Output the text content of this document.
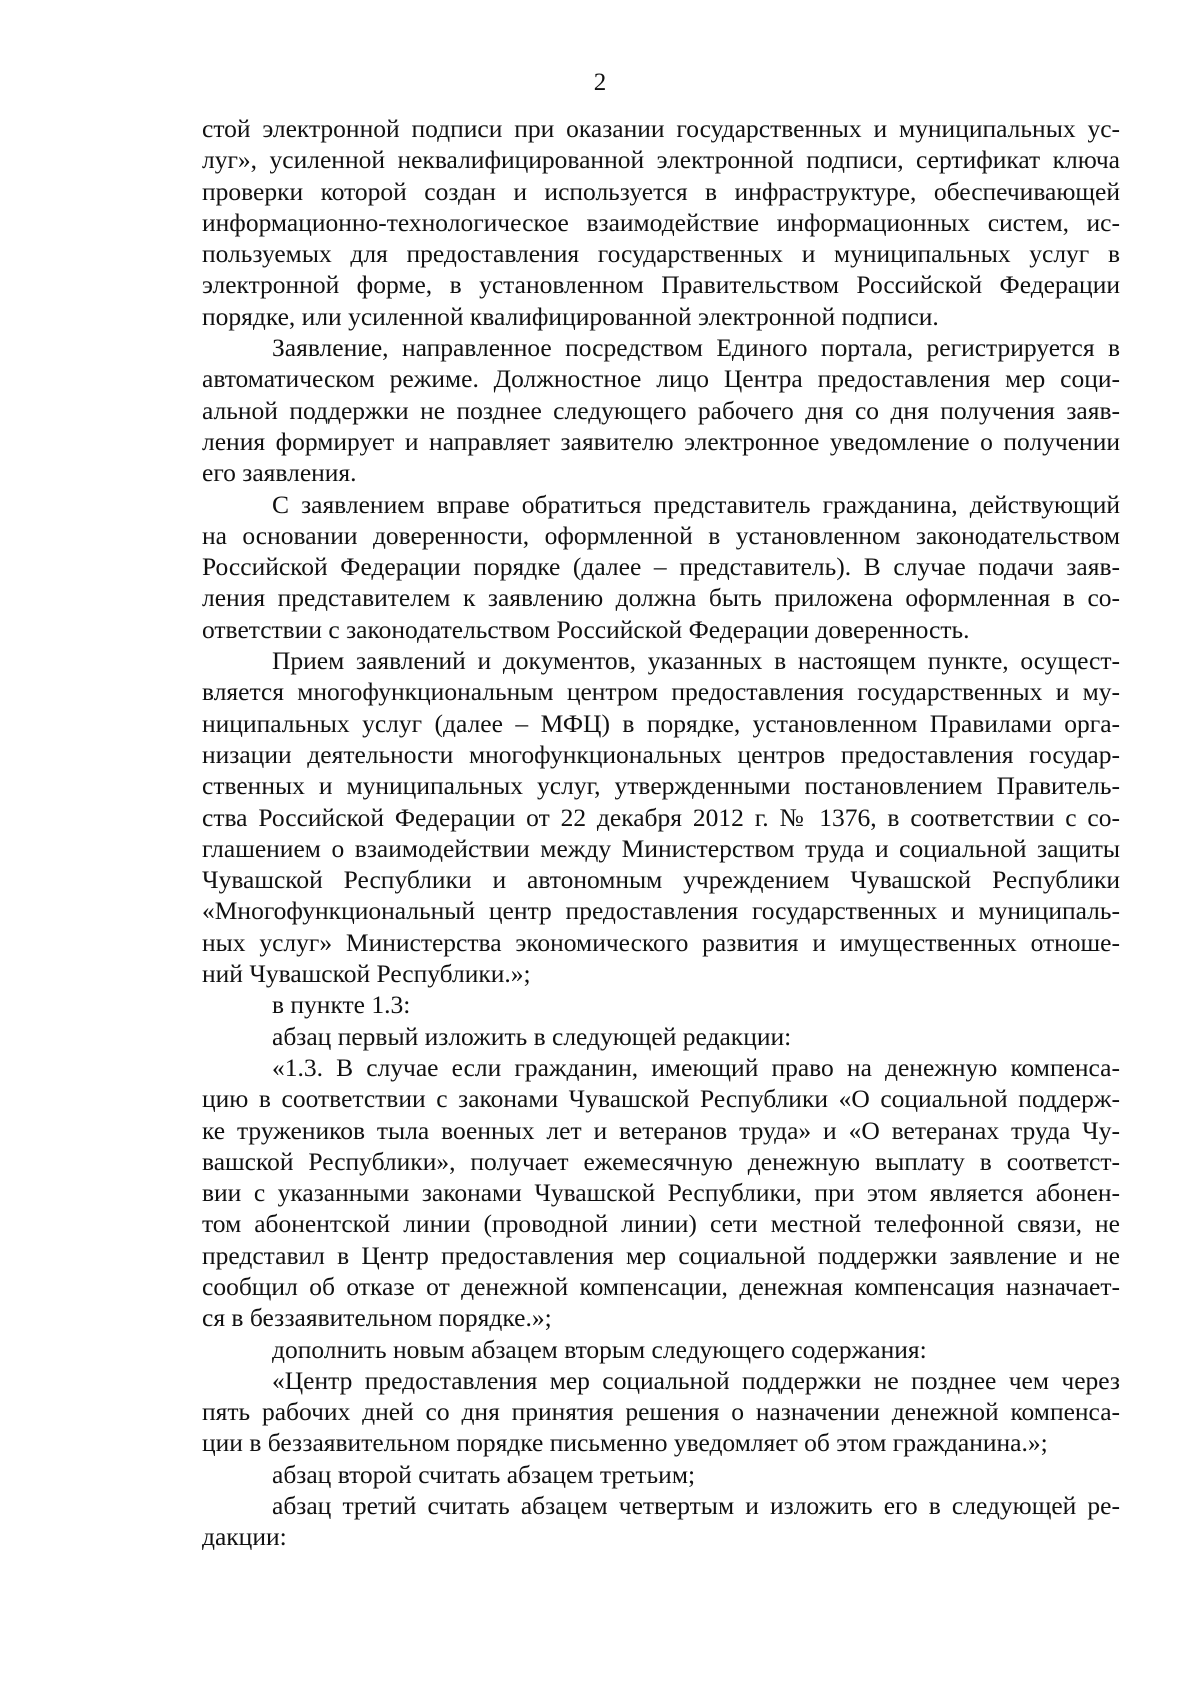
2
стой электронной подписи при оказании государственных и муниципальных ус-
луг», усиленной неквалифицированной электронной подписи, сертификат ключа
проверки которой создан и используется в инфраструктуре, обеспечивающей
информационно-технологическое взаимодействие информационных систем, ис-
пользуемых для предоставления государственных и муниципальных услуг в
электронной форме, в установленном Правительством Российской Федерации
порядке, или усиленной квалифицированной электронной подписи.
Заявление, направленное посредством Единого портала, регистрируется в
автоматическом режиме. Должностное лицо Центра предоставления мер соци-
альной поддержки не позднее следующего рабочего дня со дня получения заяв-
ления формирует и направляет заявителю электронное уведомление о получении
его заявления.
С заявлением вправе обратиться представитель гражданина, действующий
на основании доверенности, оформленной в установленном законодательством
Российской Федерации порядке (далее – представитель). В случае подачи заяв-
ления представителем к заявлению должна быть приложена оформленная в со-
ответствии с законодательством Российской Федерации доверенность.
Прием заявлений и документов, указанных в настоящем пункте, осущест-
вляется многофункциональным центром предоставления государственных и му-
ниципальных услуг (далее – МФЦ) в порядке, установленном Правилами орга-
низации деятельности многофункциональных центров предоставления государ-
ственных и муниципальных услуг, утвержденными постановлением Правитель-
ства Российской Федерации от 22 декабря 2012 г. № 1376, в соответствии с со-
глашением о взаимодействии между Министерством труда и социальной защиты
Чувашской Республики и автономным учреждением Чувашской Республики
«Многофункциональный центр предоставления государственных и муниципаль-
ных услуг» Министерства экономического развития и имущественных отноше-
ний Чувашской Республики.»;
в пункте 1.3:
абзац первый изложить в следующей редакции:
«1.3. В случае если гражданин, имеющий право на денежную компенса-
цию в соответствии с законами Чувашской Республики «О социальной поддерж-
ке тружеников тыла военных лет и ветеранов труда» и «О ветеранах труда Чу-
вашской Республики», получает ежемесячную денежную выплату в соответст-
вии с указанными законами Чувашской Республики, при этом является абонен-
том абонентской линии (проводной линии) сети местной телефонной связи, не
представил в Центр предоставления мер социальной поддержки заявление и не
сообщил об отказе от денежной компенсации, денежная компенсация назначает-
ся в беззаявительном порядке.»;
дополнить новым абзацем вторым следующего содержания:
«Центр предоставления мер социальной поддержки не позднее чем через
пять рабочих дней со дня принятия решения о назначении денежной компенса-
ции в беззаявительном порядке письменно уведомляет об этом гражданина.»;
абзац второй считать абзацем третьим;
абзац третий считать абзацем четвертым и изложить его в следующей ре-
дакции:
